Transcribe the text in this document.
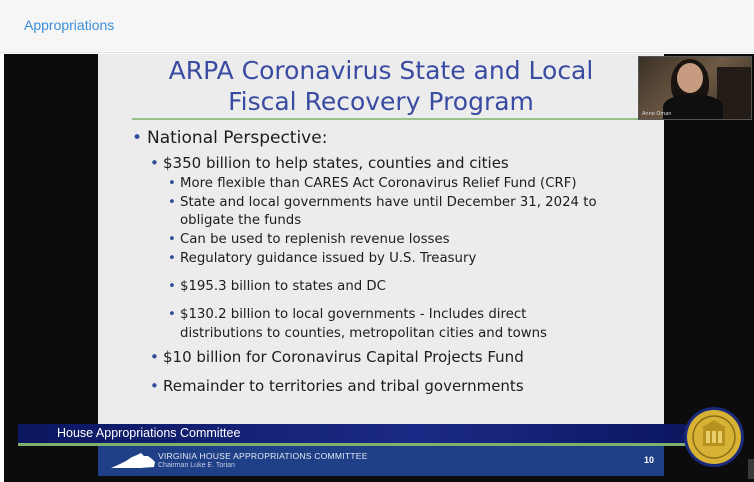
Appropriations
ARPA Coronavirus State and Local
Fiscal Recovery Program
• National Perspective:
• $350 billion to help states, counties and cities
• More flexible than CARES Act Coronavirus Relief Fund (CRF)
• State and local governments have until December 31, 2024 to
obligate the funds
• Can be used to replenish revenue losses
• Regulatory guidance issued by U.S. Treasury
• $195.3 billion to states and DC
• $130.2 billion to local governments - Includes direct
distributions to counties, metropolitan cities and towns
• $10 billion for Coronavirus Capital Projects Fund
• Remainder to territories and tribal governments
Anne Oman
House Appropriations Committee
VIRGINIA HOUSE APPROPRIATIONS COMMITTEE
Chairman Luke E. Torian
10
